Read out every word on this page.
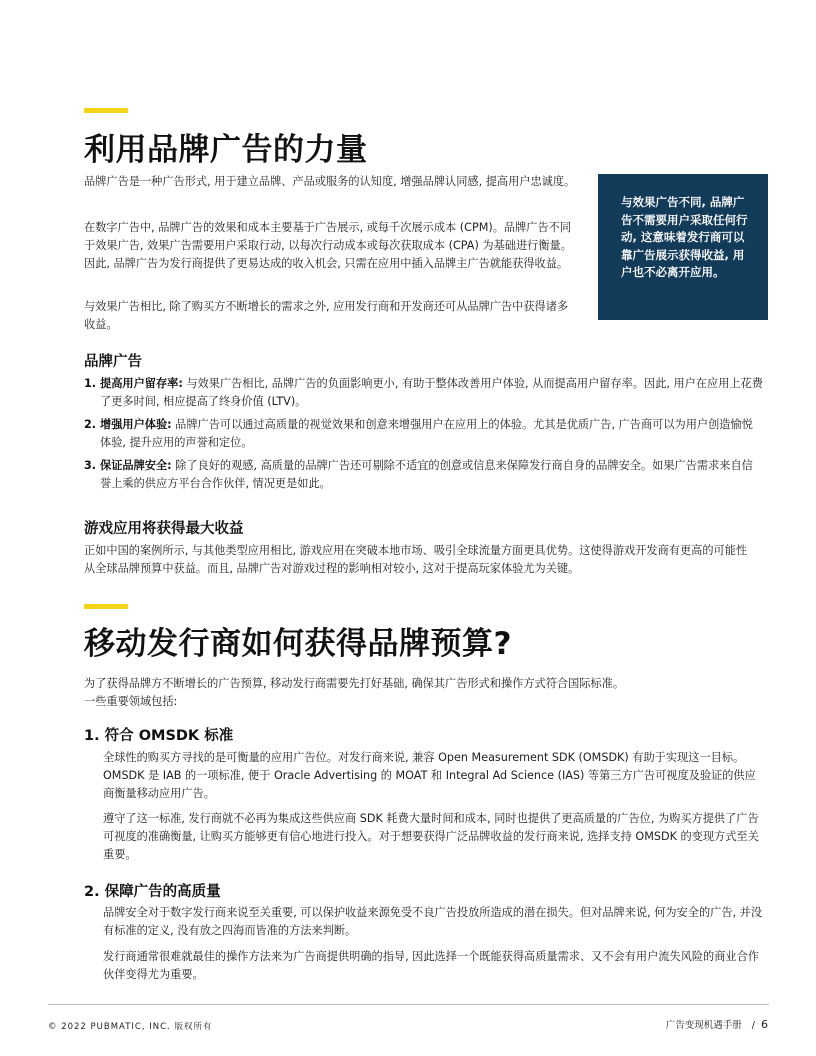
利用品牌广告的力量

品牌广告是一种广告形式, 用于建立品牌、产品或服务的认知度, 增强品牌认同感, 提高用户忠诚度。

在数字广告中, 品牌广告的效果和成本主要基于广告展示, 或每千次展示成本 (CPM)。品牌广告不同于效果广告, 效果广告需要用户采取行动, 以每次行动成本或每次获取成本 (CPA) 为基础进行衡量。因此, 品牌广告为发行商提供了更易达成的收入机会, 只需在应用中插入品牌主广告就能获得收益。

与效果广告相比, 除了购买方不断增长的需求之外, 应用发行商和开发商还可从品牌广告中获得诸多收益。

与效果广告不同, 品牌广告不需要用户采取任何行动, 这意味着发行商可以靠广告展示获得收益, 用户也不必离开应用。
品牌广告
1. 提高用户留存率: 与效果广告相比, 品牌广告的负面影响更小, 有助于整体改善用户体验, 从而提高用户留存率。因此, 用户在应用上花费了更多时间, 相应提高了终身价值 (LTV)。
2. 增强用户体验: 品牌广告可以通过高质量的视觉效果和创意来增强用户在应用上的体验。尤其是优质广告, 广告商可以为用户创造愉悦体验, 提升应用的声誉和定位。
3. 保证品牌安全: 除了良好的观感, 高质量的品牌广告还可剔除不适宜的创意或信息来保障发行商自身的品牌安全。如果广告需求来自信誉上乘的供应方平台合作伙伴, 情况更是如此。
游戏应用将获得最大收益

正如中国的案例所示, 与其他类型应用相比, 游戏应用在突破本地市场、吸引全球流量方面更具优势。这使得游戏开发商有更高的可能性从全球品牌预算中获益。而且, 品牌广告对游戏过程的影响相对较小, 这对于提高玩家体验尤为关键。

移动发行商如何获得品牌预算?

为了获得品牌方不断增长的广告预算, 移动发行商需要先打好基础, 确保其广告形式和操作方式符合国际标准。

一些重要领域包括:

1. 符合 OMSDK 标准

全球性的购买方寻找的是可衡量的应用广告位。对发行商来说, 兼容 Open Measurement SDK (OMSDK) 有助于实现这一目标。OMSDK 是 IAB 的一项标准, 便于 Oracle Advertising 的 MOAT 和 Integral Ad Science (IAS) 等第三方广告可视度及验证的供应商衡量移动应用广告。

遵守了这一标准, 发行商就不必再为集成这些供应商 SDK 耗费大量时间和成本, 同时也提供了更高质量的广告位, 为购买方提供了广告可视度的准确衡量, 让购买方能够更有信心地进行投入。对于想要获得广泛品牌收益的发行商来说, 选择支持 OMSDK 的变现方式至关重要。

2. 保障广告的高质量

品牌安全对于数字发行商来说至关重要, 可以保护收益来源免受不良广告投放所造成的潜在损失。但对品牌来说, 何为安全的广告, 并没有标准的定义, 没有放之四海而皆准的方法来判断。

发行商通常很难就最佳的操作方法来为广告商提供明确的指导, 因此选择一个既能获得高质量需求、又不会有用户流失风险的商业合作伙伴变得尤为重要。

© 2022 PUBMATIC, INC. 版权所有	广告变现机遇手册 / 6
